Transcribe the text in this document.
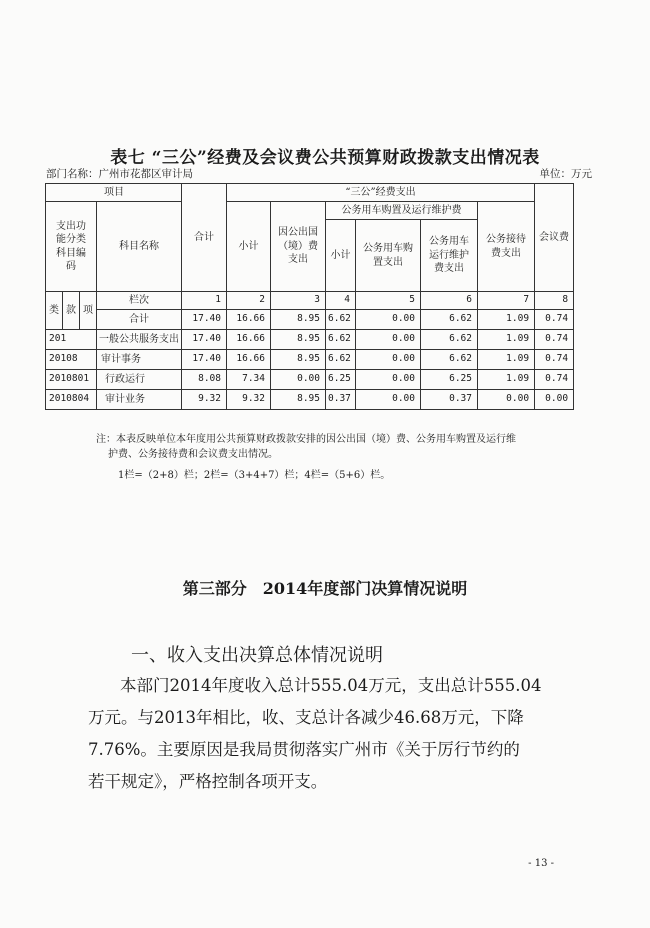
表七 “三公”经费及会议费公共预算财政拨款支出情况表
部门名称：广州市花都区审计局	单位：万元
项目				合计	“三公”经费支出						会议费
支出功能分类科目编码			科目名称		小计	因公出国（境）费支出	公务用车购置及运行维护费			公务接待费支出	
							小计	公务用车购置支出	公务用车运行维护费支出		
类	款	项	栏次	1	2	3	4	5	6	7	8
			合计	17.40	16.66	8.95	6.62	0.00	6.62	1.09	0.74
201			一般公共服务支出	17.40	16.66	8.95	6.62	0.00	6.62	1.09	0.74
20108			审计事务	17.40	16.66	8.95	6.62	0.00	6.62	1.09	0.74
2010801			行政运行	8.08	7.34	0.00	6.25	0.00	6.25	1.09	0.74
2010804			审计业务	9.32	9.32	8.95	0.37	0.00	0.37	0.00	0.00
注：本表反映单位本年度用公共预算财政拨款安排的因公出国（境）费、公务用车购置及运行维
护费、公务接待费和会议费支出情况。
1栏=（2+8）栏；2栏=（3+4+7）栏；4栏=（5+6）栏。
第三部分　2014年度部门决算情况说明
一、收入支出决算总体情况说明
本部门2014年度收入总计555.04万元，支出总计555.04
万元。与2013年相比，收、支总计各减少46.68万元，下降
7.76%。主要原因是我局贯彻落实广州市《关于厉行节约的
若干规定》，严格控制各项开支。
- 13 -
